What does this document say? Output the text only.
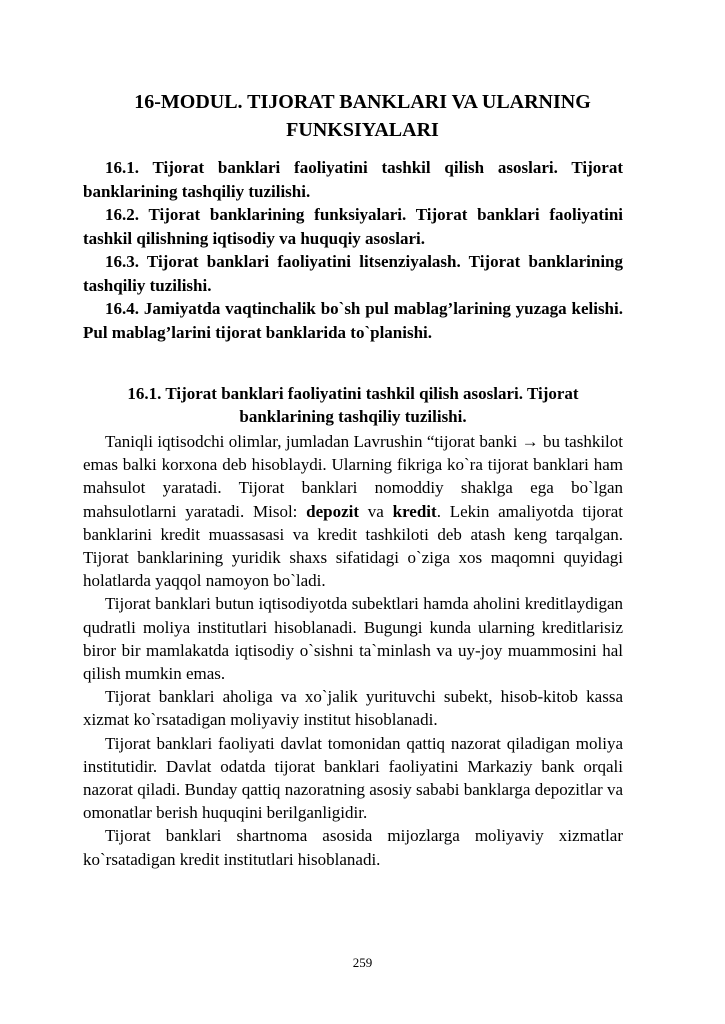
16-MODUL. TIJORAT BANKLARI VA ULARNING
FUNKSIYALARI

16.1. Tijorat banklari faoliyatini tashkil qilish asoslari. Tijorat banklarining tashqiliy tuzilishi.

16.2. Tijorat banklarining funksiyalari. Tijorat banklari faoliyatini tashkil qilishning iqtisodiy va huquqiy asoslari.

16.3. Tijorat banklari faoliyatini litsenziyalash. Tijorat banklarining tashqiliy tuzilishi.

16.4. Jamiyatda vaqtinchalik bo`sh pul mablag’larining yuzaga kelishi. Pul mablag’larini tijorat banklarida to`planishi.

16.1. Tijorat banklari faoliyatini tashkil qilish asoslari. Tijorat
banklarining tashqiliy tuzilishi.

Taniqli iqtisodchi olimlar, jumladan Lavrushin “tijorat banki → bu tashkilot emas balki korxona deb hisoblaydi. Ularning fikriga ko`ra tijorat banklari ham mahsulot yaratadi. Tijorat banklari nomoddiy shaklga ega bo`lgan mahsulotlarni yaratadi. Misol: depozit va kredit. Lekin amaliyotda tijorat banklarini kredit muassasasi va kredit tashkiloti deb atash keng tarqalgan. Tijorat banklarining yuridik shaxs sifatidagi o`ziga xos maqomni quyidagi holatlarda yaqqol namoyon bo`ladi.

Tijorat banklari butun iqtisodiyotda subektlari hamda aholini kreditlaydigan qudratli moliya institutlari hisoblanadi. Bugungi kunda ularning kreditlarisiz biror bir mamlakatda iqtisodiy o`sishni ta`minlash va uy-joy muammosini hal qilish mumkin emas.

Tijorat banklari aholiga va xo`jalik yurituvchi subekt, hisob-kitob kassa xizmat ko`rsatadigan moliyaviy institut hisoblanadi.

Tijorat banklari faoliyati davlat tomonidan qattiq nazorat qiladigan moliya institutidir. Davlat odatda tijorat banklari faoliyatini Markaziy bank orqali nazorat qiladi. Bunday qattiq nazoratning asosiy sababi banklarga depozitlar va omonatlar berish huquqini berilganligidir.

Tijorat banklari shartnoma asosida mijozlarga moliyaviy xizmatlar ko`rsatadigan kredit institutlari hisoblanadi.

259
